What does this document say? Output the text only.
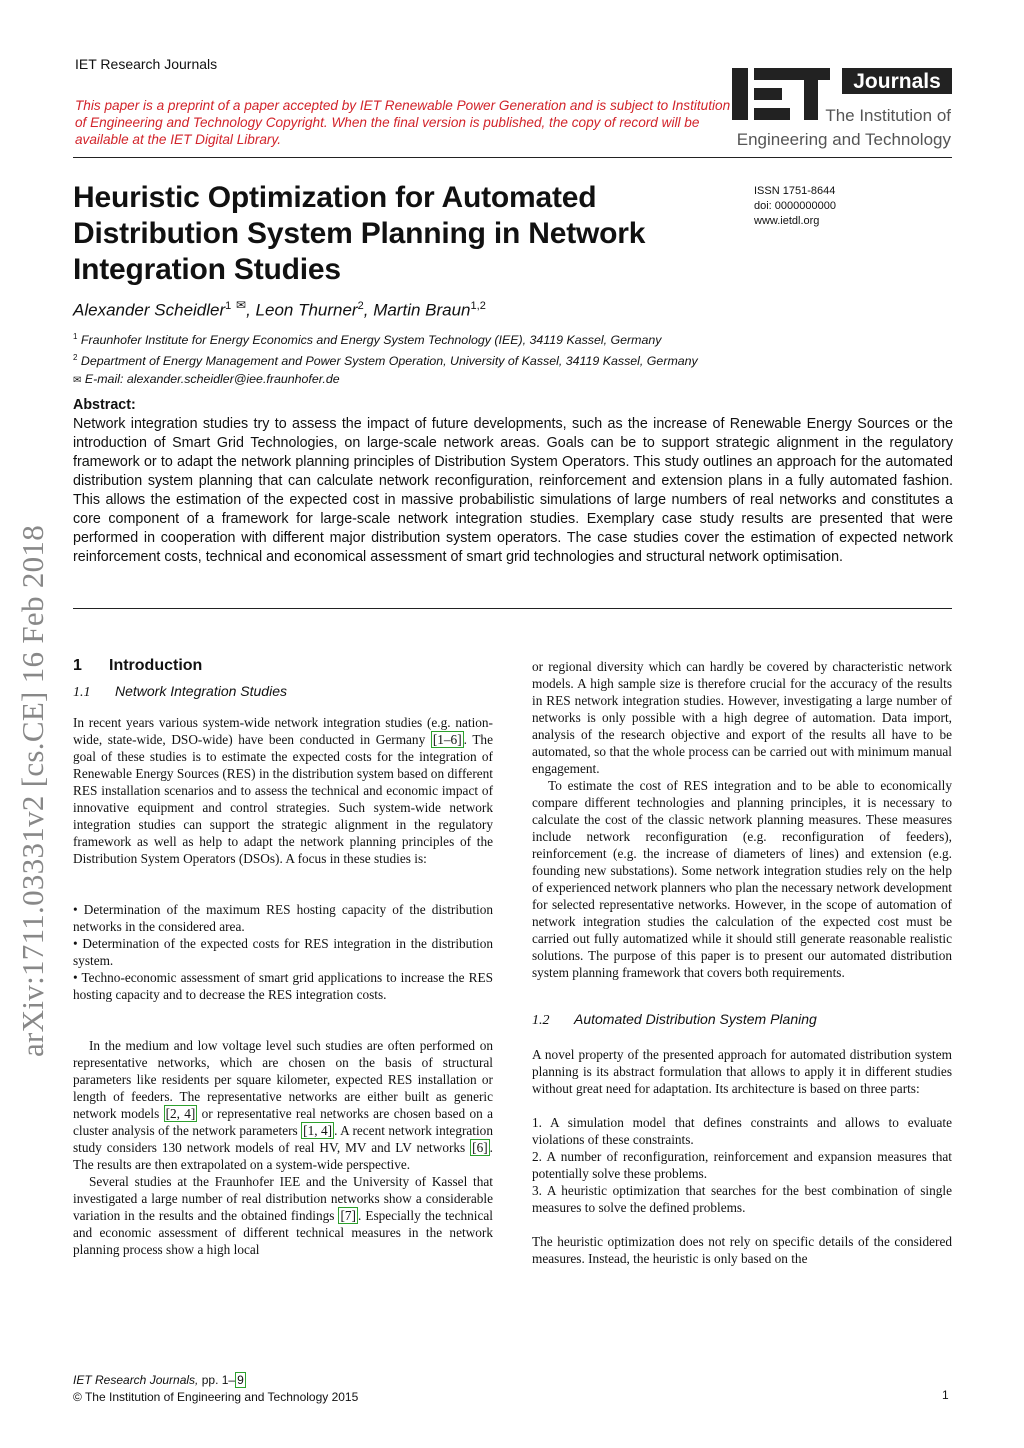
IET Research Journals
This paper is a preprint of a paper accepted by IET Renewable Power Generation and is subject to Institution of Engineering and Technology Copyright. When the final version is published, the copy of record will be available at the IET Digital Library.
Journals
The Institution of
Engineering and Technology
Heuristic Optimization for Automated
Distribution System Planning in Network
Integration Studies
ISSN 1751-8644
doi: 0000000000
www.ietdl.org
Alexander Scheidler$^1$ ✉, Leon Thurner$^2$, Martin Braun$^{1,2}$
$^1$ Fraunhofer Institute for Energy Economics and Energy System Technology (IEE), 34119 Kassel, Germany
$^2$ Department of Energy Management and Power System Operation, University of Kassel, 34119 Kassel, Germany
✉ E-mail: alexander.scheidler@iee.fraunhofer.de
Abstract:
Network integration studies try to assess the impact of future developments, such as the increase of Renewable Energy Sources or the introduction of Smart Grid Technologies, on large-scale network areas. Goals can be to support strategic alignment in the regulatory framework or to adapt the network planning principles of Distribution System Operators. This study outlines an approach for the automated distribution system planning that can calculate network reconfiguration, reinforcement and extension plans in a fully automated fashion. This allows the estimation of the expected cost in massive probabilistic simulations of large numbers of real networks and constitutes a core component of a framework for large-scale network integration studies. Exemplary case study results are presented that were performed in cooperation with different major distribution system operators. The case studies cover the estimation of expected network reinforcement costs, technical and economical assessment of smart grid technologies and structural network optimisation.
arXiv:1711.03331v2 [cs.CE] 16 Feb 2018 1 Introduction
1.1 Network Integration Studies

In recent years various system-wide network integration studies (e.g. nation-wide, state-wide, DSO-wide) have been conducted in Germany [1–6] . The goal of these studies is to estimate the expected costs for the integration of Renewable Energy Sources (RES) in the distribution system based on different RES installation scenarios and to assess the technical and economic impact of innovative equipment and control strategies. Such system-wide network integration studies can support the strategic alignment in the regulatory framework as well as help to adapt the network planning principles of the Distribution System Operators (DSOs). A focus in these studies is:

• Determination of the maximum RES hosting capacity of the distribution networks in the considered area.
• Determination of the expected costs for RES integration in the distribution system.
• Techno-economic assessment of smart grid applications to increase the RES hosting capacity and to decrease the RES integration costs.

In the medium and low voltage level such studies are often performed on representative networks, which are chosen on the basis of structural parameters like residents per square kilometer, expected RES installation or length of feeders. The representative networks are either built as generic network models [2, 4] or representative real networks are chosen based on a cluster analysis of the network parameters [1, 4] . A recent network integration study considers 130 network models of real HV, MV and LV networks [6] . The results are then extrapolated on a system-wide perspective.

Several studies at the Fraunhofer IEE and the University of Kassel that investigated a large number of real distribution networks show a considerable variation in the results and the obtained findings [7] . Especially the technical and economic assessment of different technical measures in the network planning process show a high local

or regional diversity which can hardly be covered by characteristic network models. A high sample size is therefore crucial for the accuracy of the results in RES network integration studies. However, investigating a large number of networks is only possible with a high degree of automation. Data import, analysis of the research objective and export of the results all have to be automated, so that the whole process can be carried out with minimum manual engagement.

To estimate the cost of RES integration and to be able to economically compare different technologies and planning principles, it is necessary to calculate the cost of the classic network planning measures. These measures include network reconfiguration (e.g. reconfiguration of feeders), reinforcement (e.g. the increase of diameters of lines) and extension (e.g. founding new substations). Some network integration studies rely on the help of experienced network planners who plan the necessary network development for selected representative networks. However, in the scope of automation of network integration studies the calculation of the expected cost must be carried out fully automatized while it should still generate reasonable realistic solutions. The purpose of this paper is to present our automated distribution system planning framework that covers both requirements.

1.2 Automated Distribution System Planing

A novel property of the presented approach for automated distribution system planning is its abstract formulation that allows to apply it in different studies without great need for adaptation. Its architecture is based on three parts:

1. A simulation model that defines constraints and allows to evaluate violations of these constraints.
2. A number of reconfiguration, reinforcement and expansion measures that potentially solve these problems.
3. A heuristic optimization that searches for the best combination of single measures to solve the defined problems.

The heuristic optimization does not rely on specific details of the considered measures. Instead, the heuristic is only based on the

IET Research Journals, pp. 1– 9
© The Institution of Engineering and Technology 2015	1
